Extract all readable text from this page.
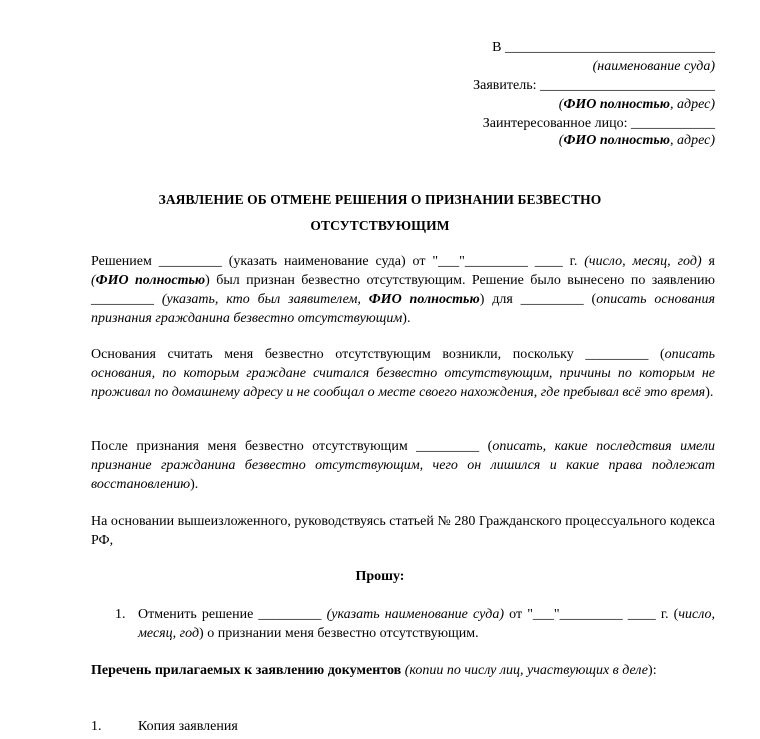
В ______________________________
(наименование суда)
Заявитель: _________________________
(ФИО полностью, адрес)
Заинтересованное лицо: ____________
(ФИО полностью, адрес)
ЗАЯВЛЕНИЕ ОБ ОТМЕНЕ РЕШЕНИЯ О ПРИЗНАНИИ БЕЗВЕСТНО
ОТСУТСТВУЮЩИМ
Решением _________ (указать наименование суда) от "___"_________ ____ г. (число, месяц, год) я (ФИО полностью) был признан безвестно отсутствующим. Решение было вынесено по заявлению _________ (указать, кто был заявителем, ФИО полностью) для _________ (описать основания признания гражданина безвестно отсутствующим).
Основания считать меня безвестно отсутствующим возникли, поскольку _________ (описать основания, по которым граждане считался безвестно отсутствующим, причины по которым не проживал по домашнему адресу и не сообщал о месте своего нахождения, где пребывал всё это время).
После признания меня безвестно отсутствующим _________ (описать, какие последствия имели признание гражданина безвестно отсутствующим, чего он лишился и какие права подлежат восстановлению).
На основании вышеизложенного, руководствуясь статьей № 280 Гражданского процессуального кодекса РФ,
Прошу:
1. Отменить решение _________ (указать наименование суда) от "___"_________ ____ г. (число, месяц, год) о признании меня безвестно отсутствующим.
Перечень прилагаемых к заявлению документов (копии по числу лиц, участвующих в деле):
1.	Копия заявления
